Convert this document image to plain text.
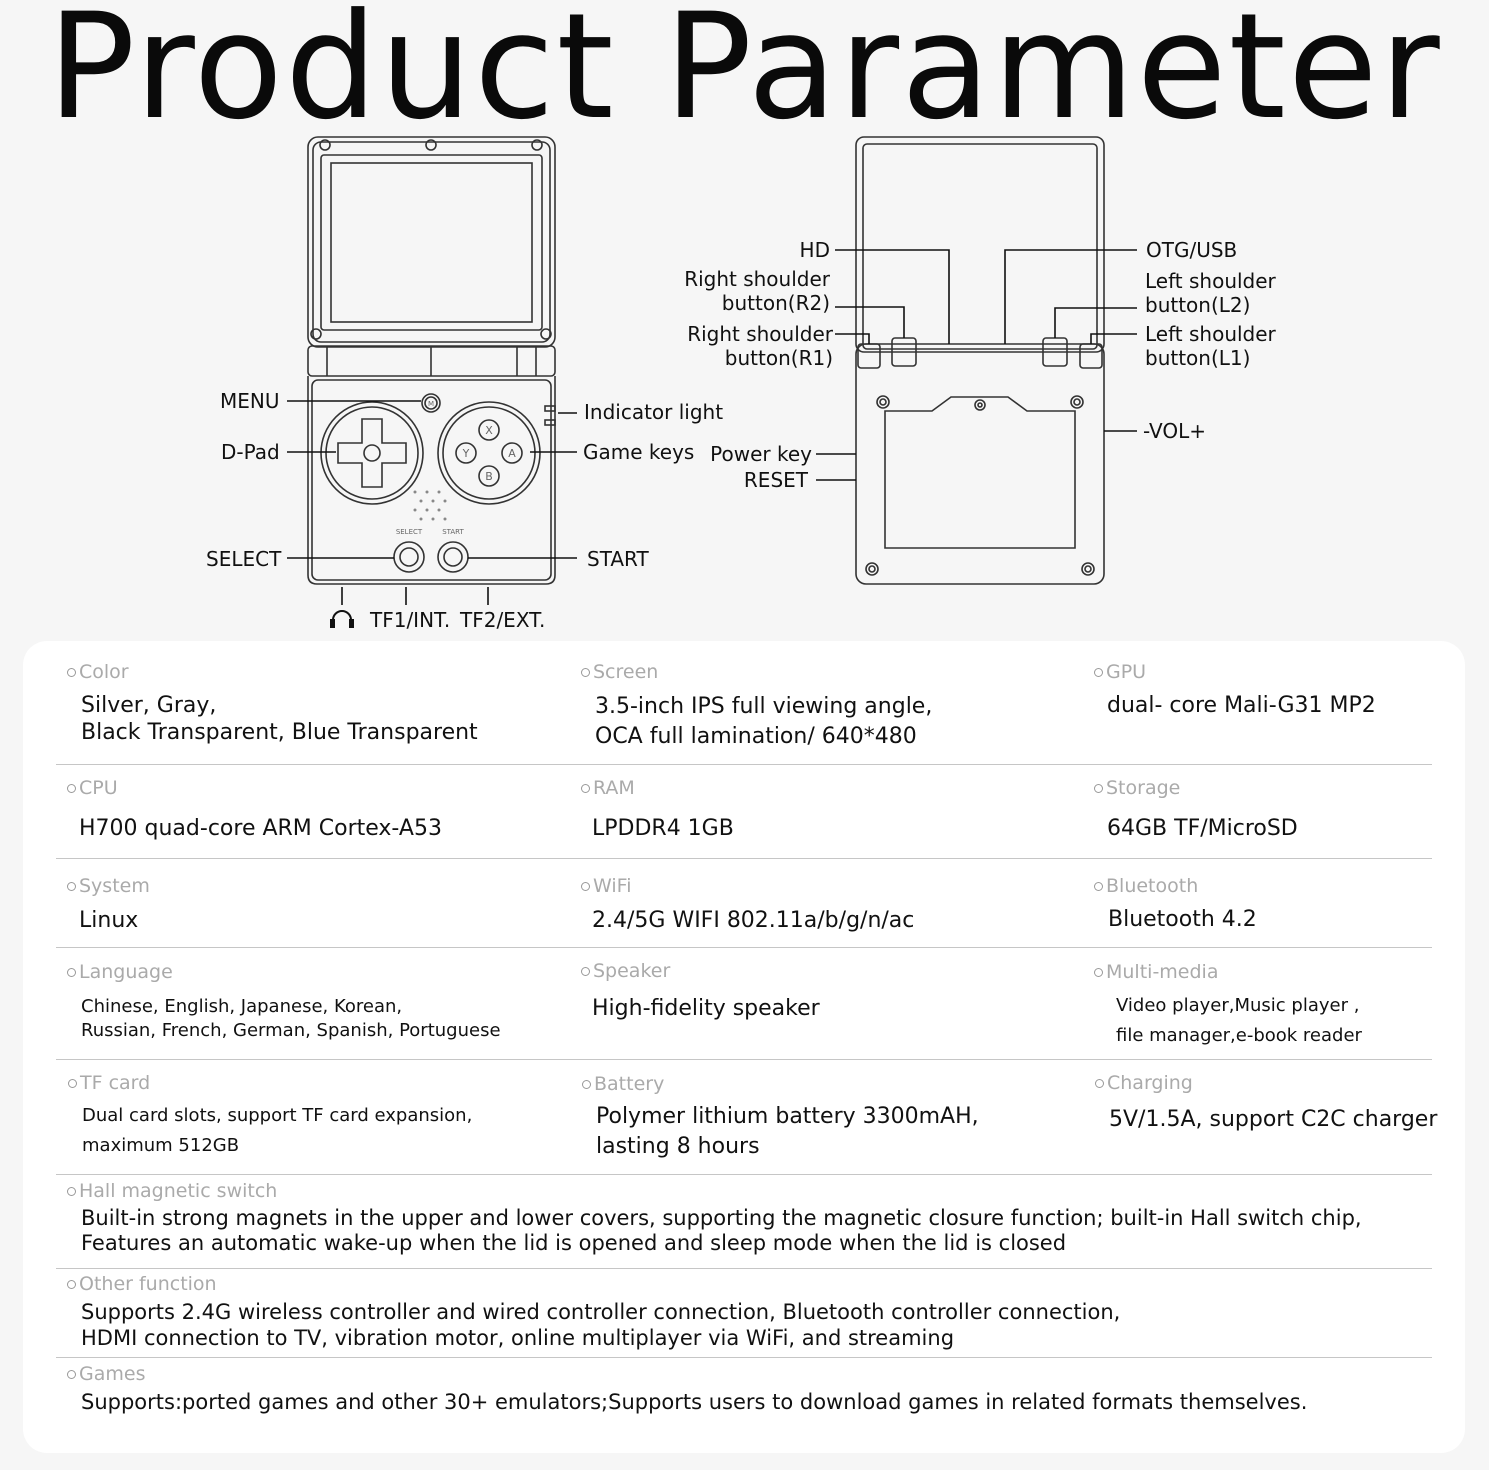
Product Parameter
SELECT	START
X
Y	A
B
M
MENU
D-Pad
SELECT
Indicator light
Game keys
START
TF1/INT. TF2/EXT.
HD
Right shoulder
button(R2)
Right shoulder
button(R1)
OTG/USB
Left shoulder
button(L2)
Left shoulder
button(L1)
-VOL+
Power key
RESET
Color
Silver, Gray,
Black Transparent, Blue Transparent
Screen
3.5-inch IPS full viewing angle,
OCA full lamination/ 640*480
GPU
dual- core Mali-G31 MP2
CPU
H700 quad-core ARM Cortex-A53
RAM
LPDDR4 1GB
Storage
64GB TF/MicroSD
System
Linux
WiFi
2.4/5G WIFI 802.11a/b/g/n/ac
Bluetooth
Bluetooth 4.2
Language
Chinese, English, Japanese, Korean,
Russian, French, German, Spanish, Portuguese
Speaker
High-fidelity speaker
Multi-media
Video player,Music player ,
file manager,e-book reader
TF card
Dual card slots, support TF card expansion,
maximum 512GB
Battery
Polymer lithium battery 3300mAH,
lasting 8 hours
Charging
5V/1.5A, support C2C charger
Hall magnetic switch
Built-in strong magnets in the upper and lower covers, supporting the magnetic closure function; built-in Hall switch chip,
Features an automatic wake-up when the lid is opened and sleep mode when the lid is closed
Other function
Supports 2.4G wireless controller and wired controller connection, Bluetooth controller connection,
HDMI connection to TV, vibration motor, online multiplayer via WiFi, and streaming
Games
Supports:ported games and other 30+ emulators;Supports users to download games in related formats themselves.
